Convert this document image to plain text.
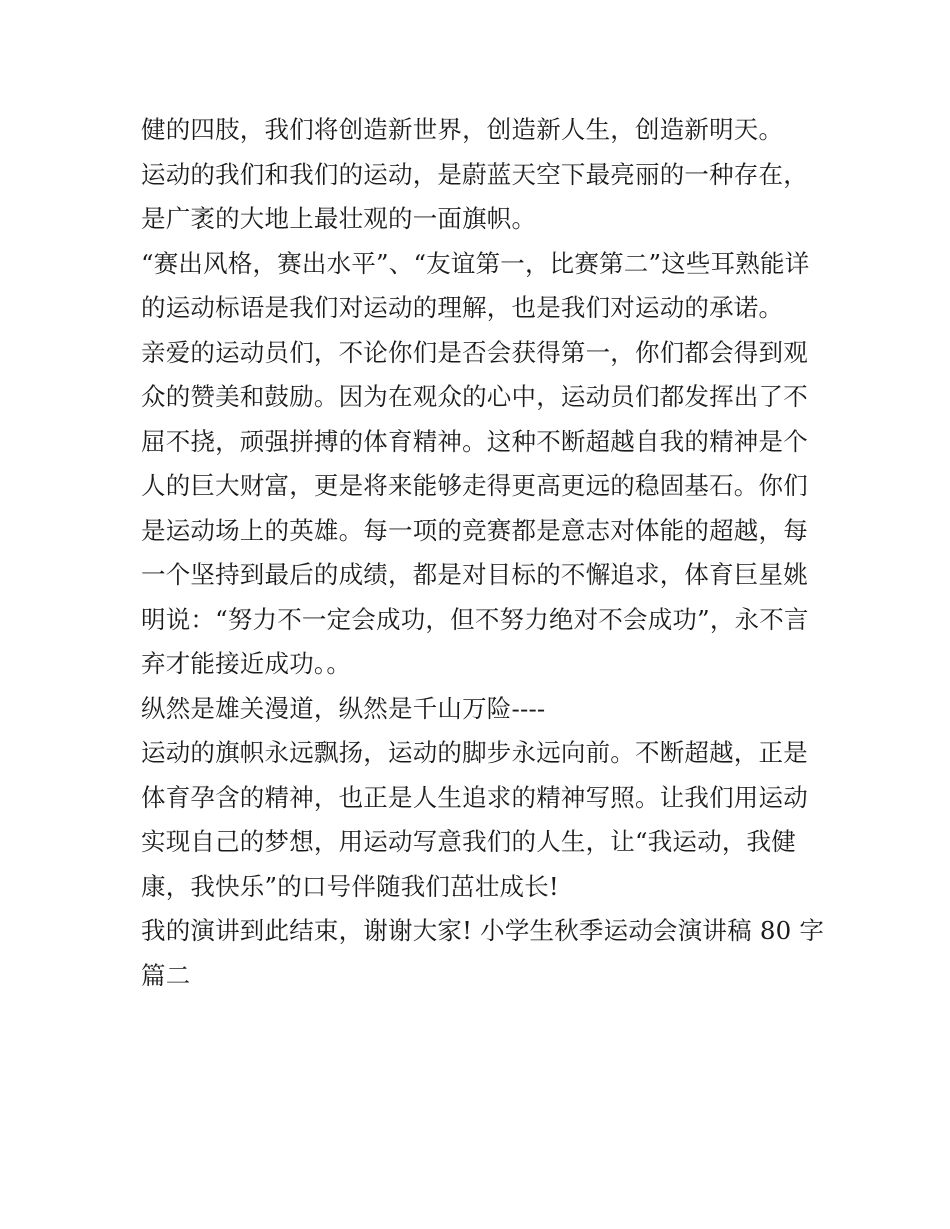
健的四肢，我们将创造新世界，创造新人生，创造新明天。

运动的我们和我们的运动，是蔚蓝天空下最亮丽的一种存在，
是广袤的大地上最壮观的一面旗帜。

“赛出风格，赛出水平”、“友谊第一，比赛第二”这些耳熟能详
的运动标语是我们对运动的理解，也是我们对运动的承诺。

亲爱的运动员们，不论你们是否会获得第一，你们都会得到观
众的赞美和鼓励。因为在观众的心中，运动员们都发挥出了不
屈不挠，顽强拼搏的体育精神。这种不断超越自我的精神是个
人的巨大财富，更是将来能够走得更高更远的稳固基石。你们
是运动场上的英雄。每一项的竞赛都是意志对体能的超越，每
一个坚持到最后的成绩，都是对目标的不懈追求，体育巨星姚
明说：“努力不一定会成功，但不努力绝对不会成功”，永不言
弃才能接近成功。。

纵然是雄关漫道，纵然是千山万险----

运动的旗帜永远飘扬，运动的脚步永远向前。不断超越，正是
体育孕含的精神，也正是人生追求的精神写照。让我们用运动
实现自己的梦想，用运动写意我们的人生，让“我运动，我健
康，我快乐”的口号伴随我们茁壮成长!

我的演讲到此结束，谢谢大家! 小学生秋季运动会演讲稿 80 字
篇二
